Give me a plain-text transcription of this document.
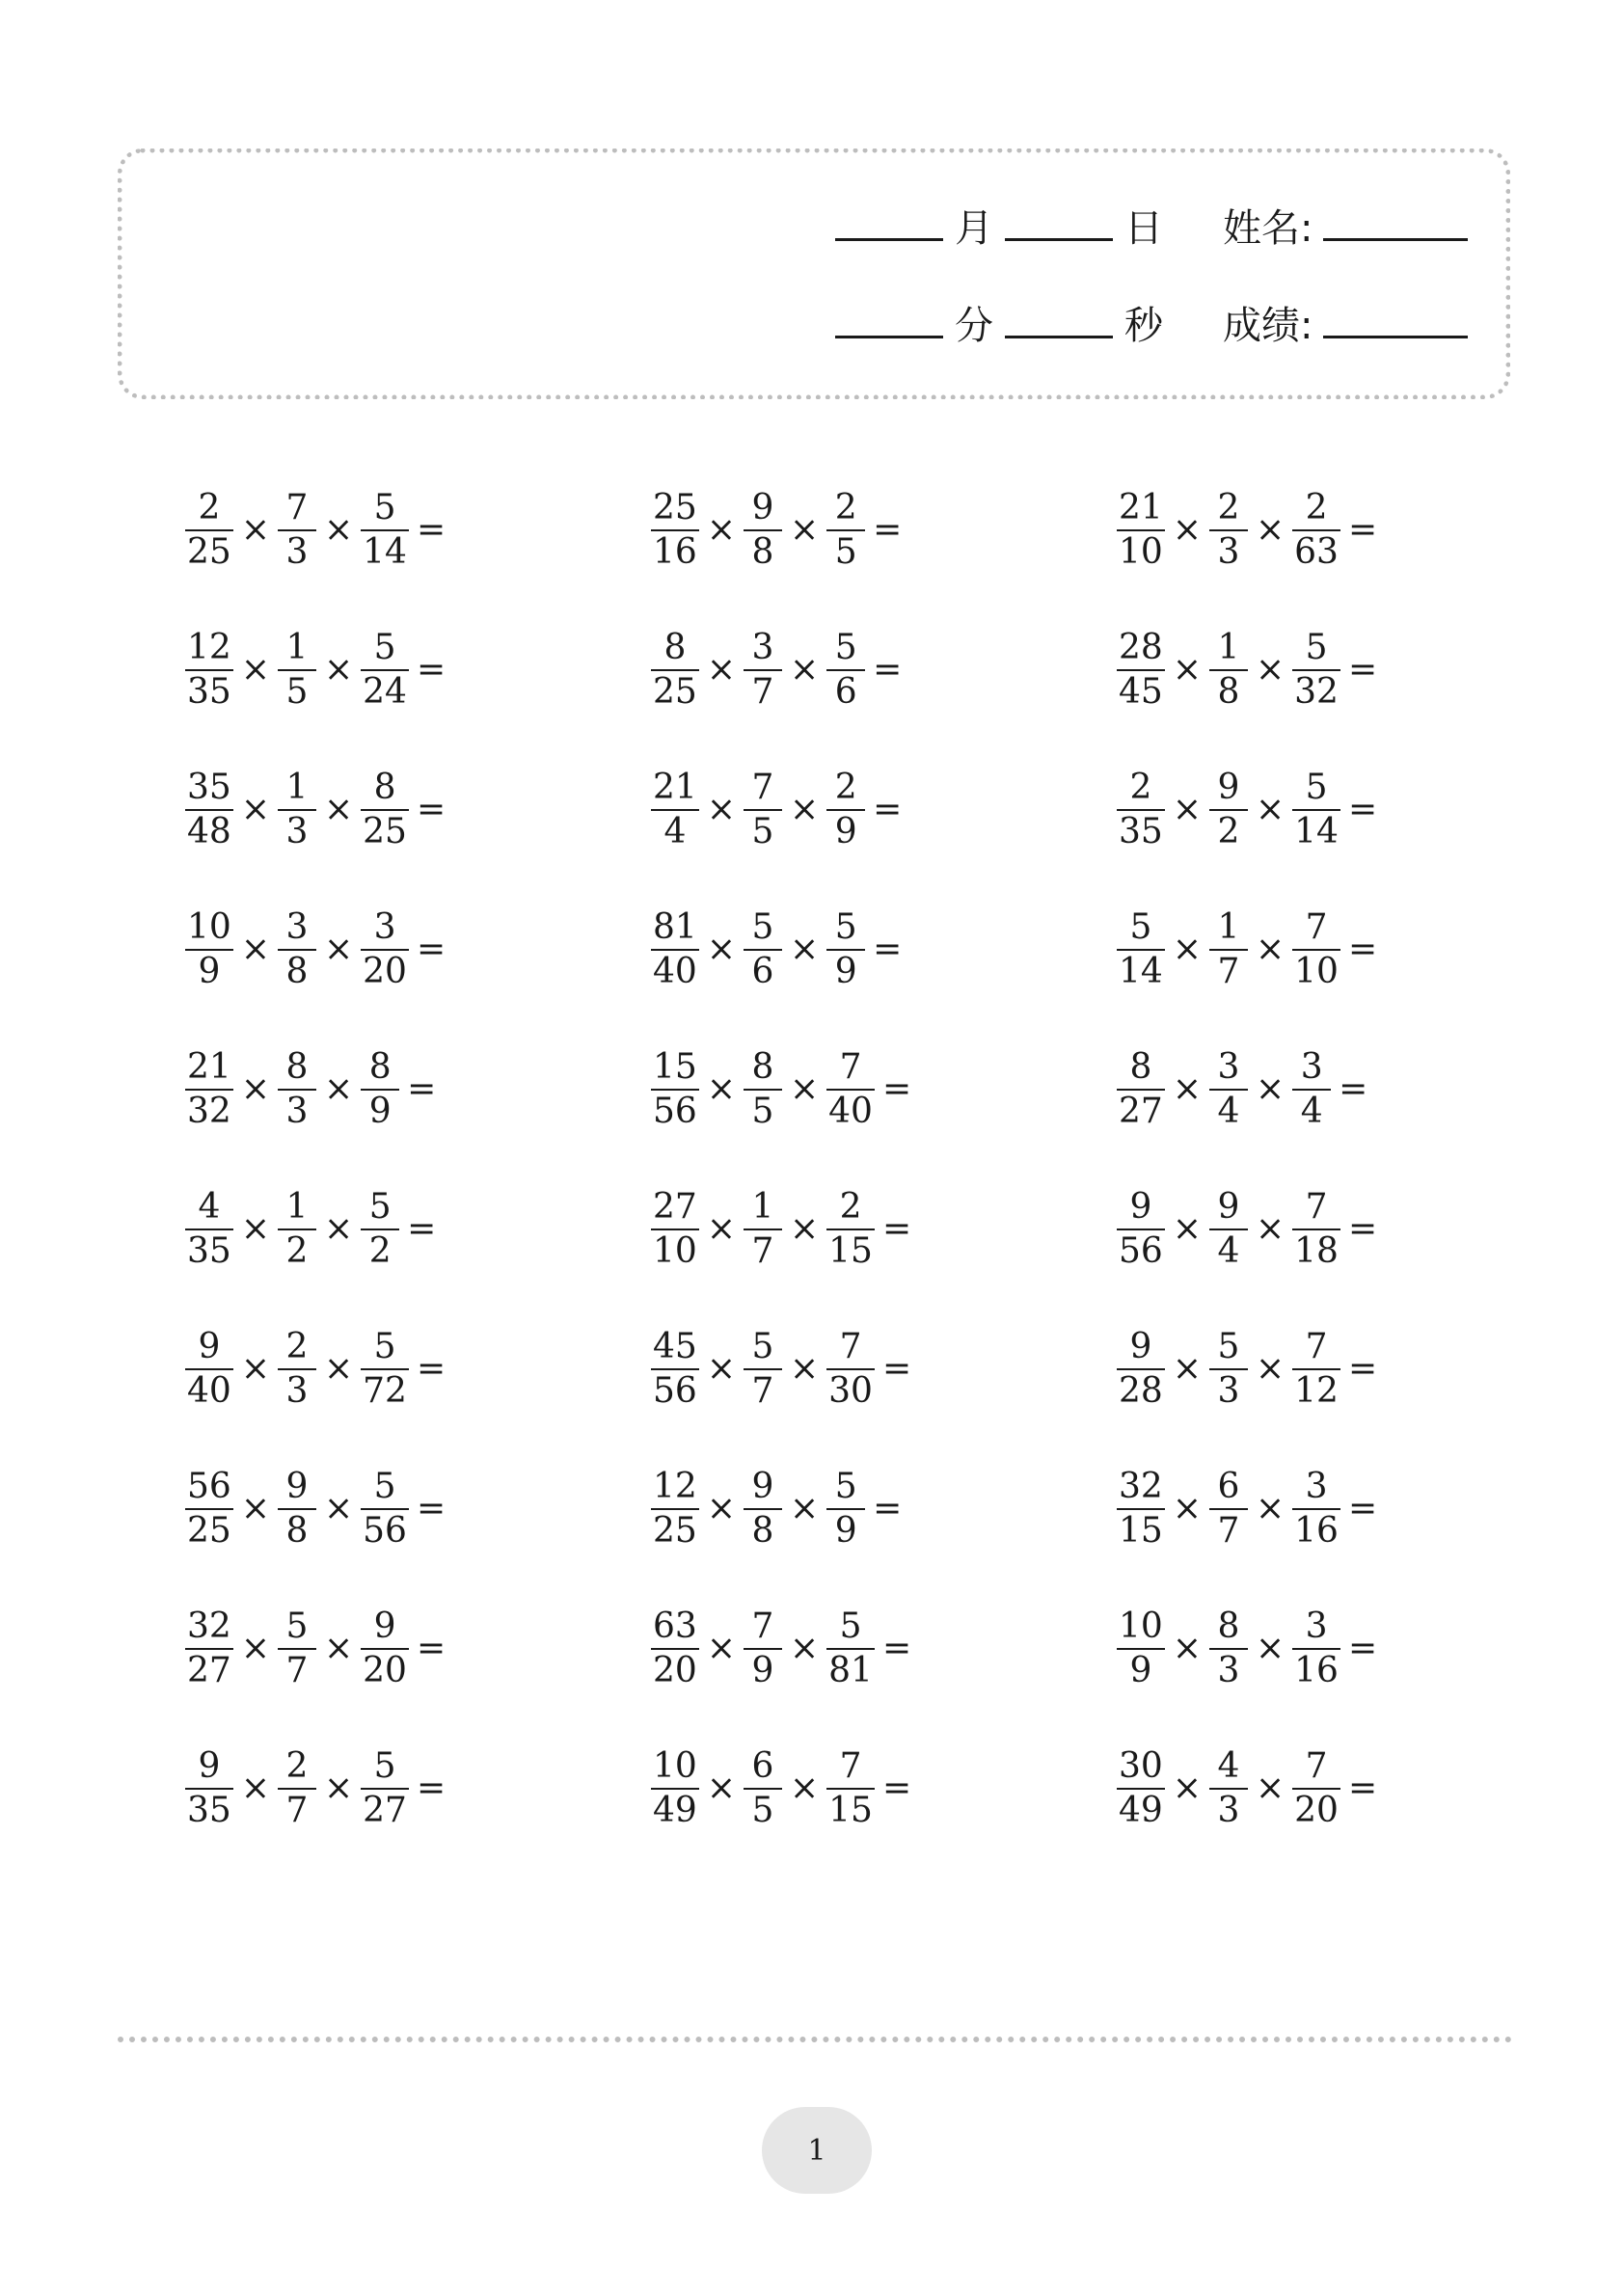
月	日 姓名:
分	秒 成绩:
$\frac{2}{25} \times \frac{7}{3} \times \frac{5}{14}$ =
$\frac{12}{35} \times \frac{1}{5} \times \frac{5}{24}$ =
$\frac{35}{48} \times \frac{1}{3} \times \frac{8}{25}$ =
$\frac{10}{9} \times \frac{3}{8} \times \frac{3}{20}$ =
$\frac{21}{32} \times \frac{8}{3} \times \frac{8}{9}$ =
$\frac{4}{35} \times \frac{1}{2} \times \frac{5}{2}$ =
$\frac{9}{40} \times \frac{2}{3} \times \frac{5}{72}$ =
$\frac{56}{25} \times \frac{9}{8} \times \frac{5}{56}$ =
$\frac{32}{27} \times \frac{5}{7} \times \frac{9}{20}$ =
$\frac{9}{35} \times \frac{2}{7} \times \frac{5}{27}$ =
$\frac{25}{16} \times \frac{9}{8} \times \frac{2}{5}$ =
$\frac{8}{25} \times \frac{3}{7} \times \frac{5}{6}$ =
$\frac{21}{4} \times \frac{7}{5} \times \frac{2}{9}$ =
$\frac{81}{40} \times \frac{5}{6} \times \frac{5}{9}$ =
$\frac{15}{56} \times \frac{8}{5} \times \frac{7}{40}$ =
$\frac{27}{10} \times \frac{1}{7} \times \frac{2}{15}$ =
$\frac{45}{56} \times \frac{5}{7} \times \frac{7}{30}$ =
$\frac{12}{25} \times \frac{9}{8} \times \frac{5}{9}$ =
$\frac{63}{20} \times \frac{7}{9} \times \frac{5}{81}$ =
$\frac{10}{49} \times \frac{6}{5} \times \frac{7}{15}$ =
$\frac{21}{10} \times \frac{2}{3} \times \frac{2}{63}$ =
$\frac{28}{45} \times \frac{1}{8} \times \frac{5}{32}$ =
$\frac{2}{35} \times \frac{9}{2} \times \frac{5}{14}$ =
$\frac{5}{14} \times \frac{1}{7} \times \frac{7}{10}$ =
$\frac{8}{27} \times \frac{3}{4} \times \frac{3}{4}$ =
$\frac{9}{56} \times \frac{9}{4} \times \frac{7}{18}$ =
$\frac{9}{28} \times \frac{5}{3} \times \frac{7}{12}$ =
$\frac{32}{15} \times \frac{6}{7} \times \frac{3}{16}$ =
$\frac{10}{9} \times \frac{8}{3} \times \frac{3}{16}$ =
$\frac{30}{49} \times \frac{4}{3} \times \frac{7}{20}$ =
1
